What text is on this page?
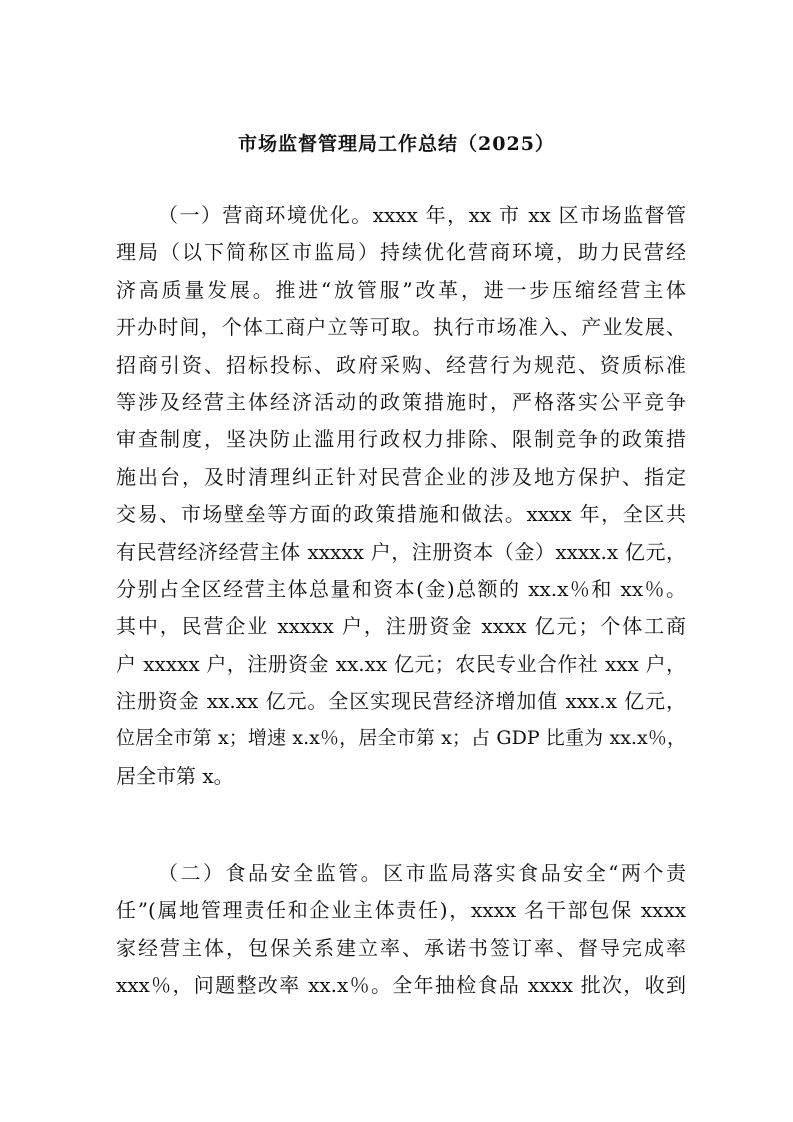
市场监督管理局工作总结（2025）
（一）营商环境优化。xxxx 年，xx 市 xx 区市场监督管
理局（以下简称区市监局）持续优化营商环境，助力民营经
济高质量发展。推进“放管服”改革，进一步压缩经营主体
开办时间，个体工商户立等可取。执行市场准入、产业发展、
招商引资、招标投标、政府采购、经营行为规范、资质标准
等涉及经营主体经济活动的政策措施时，严格落实公平竞争
审查制度，坚决防止滥用行政权力排除、限制竞争的政策措
施出台，及时清理纠正针对民营企业的涉及地方保护、指定
交易、市场壁垒等方面的政策措施和做法。xxxx 年，全区共
有民营经济经营主体 xxxxx 户，注册资本（金）xxxx.x 亿元，
分别占全区经营主体总量和资本(金)总额的 xx.x％和 xx％。
其中，民营企业 xxxxx 户，注册资金 xxxx 亿元；个体工商
户 xxxxx 户，注册资金 xx.xx 亿元；农民专业合作社 xxx 户，
注册资金 xx.xx 亿元。全区实现民营经济增加值 xxx.x 亿元，
位居全市第 x；增速 x.x％，居全市第 x；占 GDP 比重为 xx.x％，
居全市第 x。
（二）食品安全监管。区市监局落实食品安全“两个责
任”(属地管理责任和企业主体责任)，xxxx 名干部包保 xxxx
家经营主体，包保关系建立率、承诺书签订率、督导完成率
xxx％，问题整改率 xx.x％。全年抽检食品 xxxx 批次，收到
